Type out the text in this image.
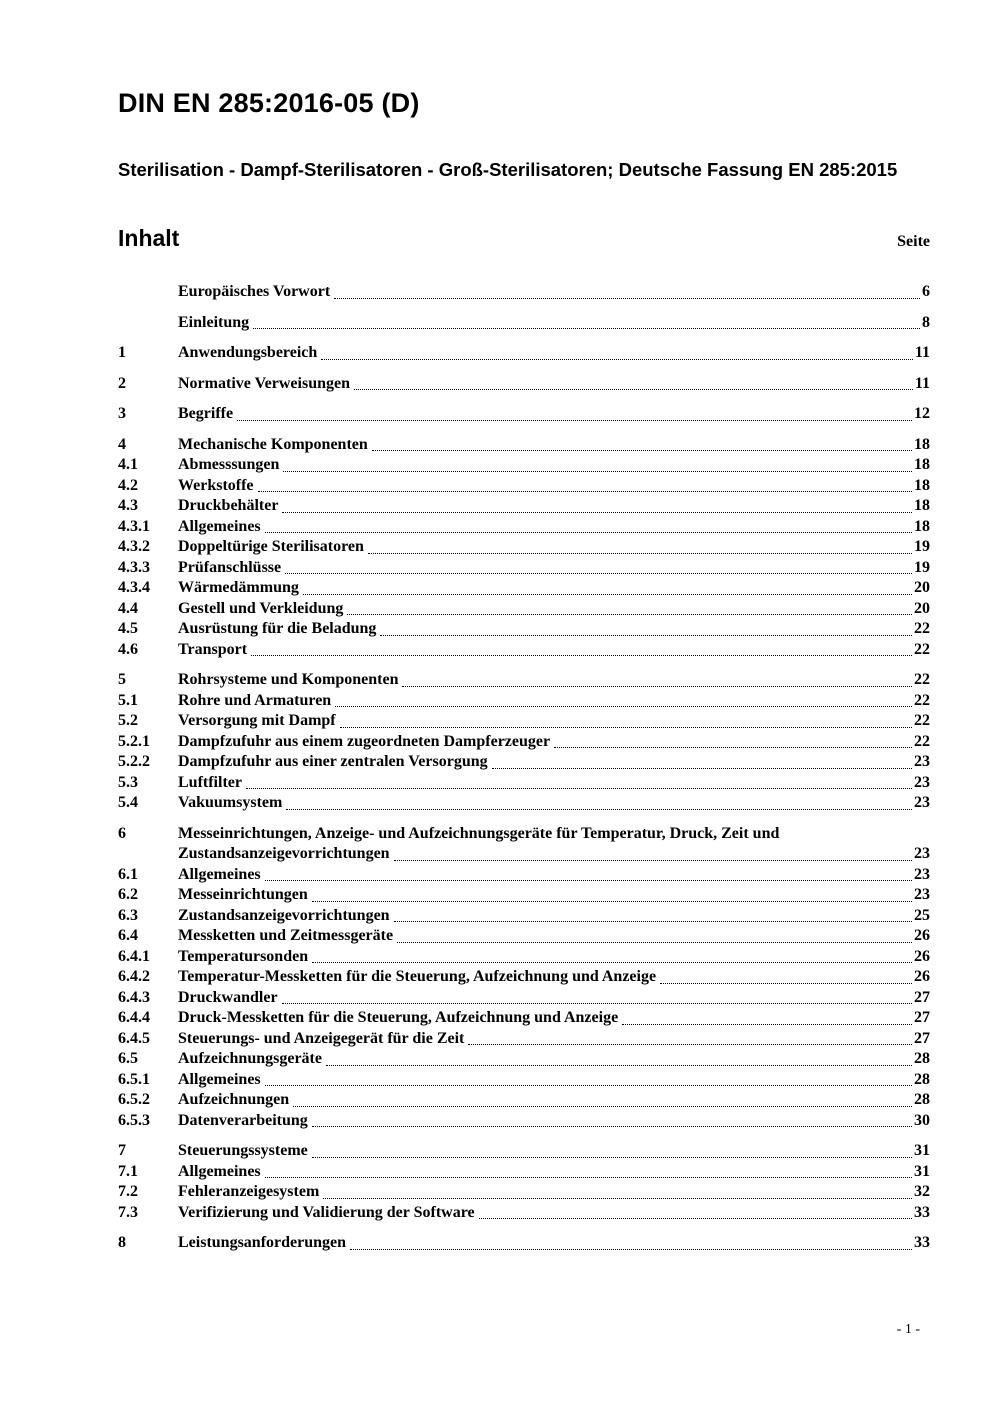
DIN EN 285:2016-05 (D)
Sterilisation - Dampf-Sterilisatoren - Groß-Sterilisatoren; Deutsche Fassung EN 285:2015
Inhalt	Seite
Europäisches Vorwort	6
Einleitung	8
1	Anwendungsbereich	11
2	Normative Verweisungen	11
3	Begriffe	12
4	Mechanische Komponenten	18
4.1	Abmesssungen	18
4.2	Werkstoffe	18
4.3	Druckbehälter	18
4.3.1	Allgemeines	18
4.3.2	Doppeltürige Sterilisatoren	19
4.3.3	Prüfanschlüsse	19
4.3.4	Wärmedämmung	20
4.4	Gestell und Verkleidung	20
4.5	Ausrüstung für die Beladung	22
4.6	Transport	22
5	Rohrsysteme und Komponenten	22
5.1	Rohre und Armaturen	22
5.2	Versorgung mit Dampf	22
5.2.1	Dampfzufuhr aus einem zugeordneten Dampferzeuger	22
5.2.2	Dampfzufuhr aus einer zentralen Versorgung	23
5.3	Luftfilter	23
5.4	Vakuumsystem	23
6	Messeinrichtungen, Anzeige- und Aufzeichnungsgeräte für Temperatur, Druck, Zeit und
Zustandsanzeigevorrichtungen	23
6.1	Allgemeines	23
6.2	Messeinrichtungen	23
6.3	Zustandsanzeigevorrichtungen	25
6.4	Messketten und Zeitmessgeräte	26
6.4.1	Temperatursonden	26
6.4.2	Temperatur-Messketten für die Steuerung, Aufzeichnung und Anzeige	26
6.4.3	Druckwandler	27
6.4.4	Druck-Messketten für die Steuerung, Aufzeichnung und Anzeige	27
6.4.5	Steuerungs- und Anzeigegerät für die Zeit	27
6.5	Aufzeichnungsgeräte	28
6.5.1	Allgemeines	28
6.5.2	Aufzeichnungen	28
6.5.3	Datenverarbeitung	30
7	Steuerungssysteme	31
7.1	Allgemeines	31
7.2	Fehleranzeigesystem	32
7.3	Verifizierung und Validierung der Software	33
8	Leistungsanforderungen	33
- 1 -
